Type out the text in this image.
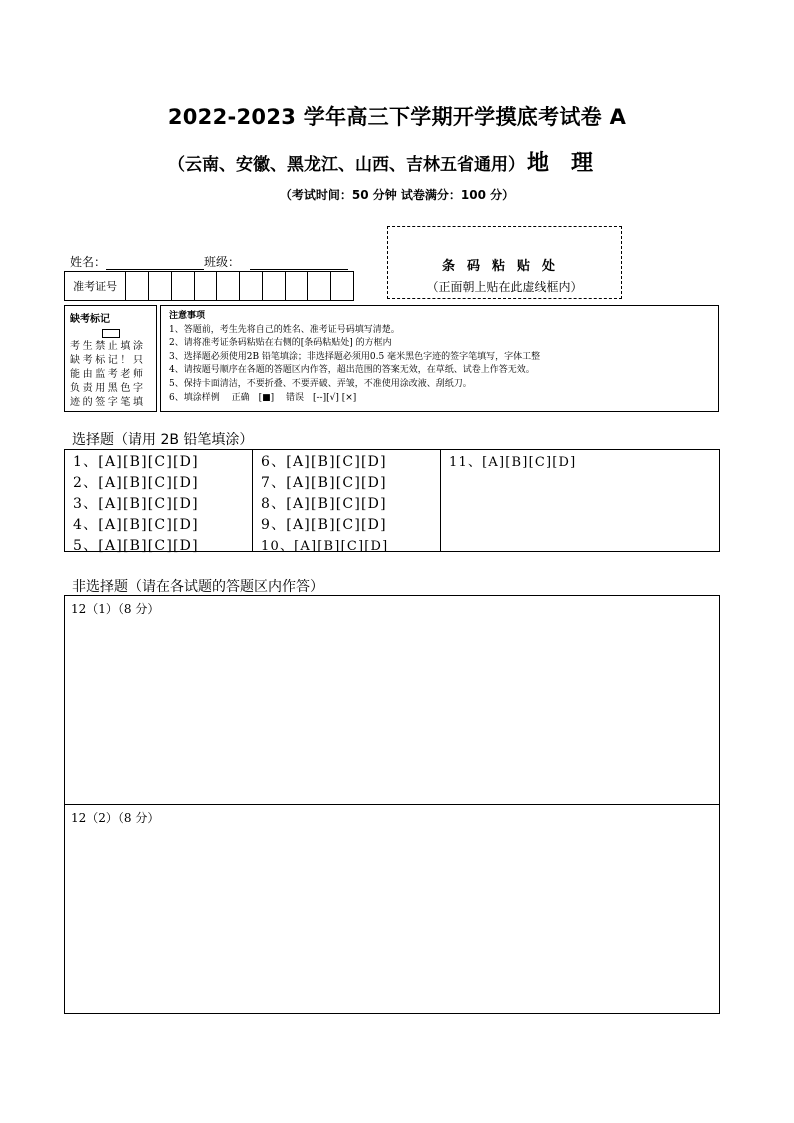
2022-2023 学年高三下学期开学摸底考试卷 A
（云南、安徽、黑龙江、山西、吉林五省通用）地　理
（考试时间：50 分钟 试卷满分：100 分）
姓名：	班级：
准考证号
条码粘贴处
（正面朝上贴在此虚线框内）
缺考标记
考生禁止填涂缺考标记！只能由监考老师负责用黑色字迹的签字笔填
注意事项
1、答题前，考生先将自己的姓名、准考证号码填写清楚。
2、请将准考证条码粘贴在右侧的[条码粘贴处] 的方框内
3、选择题必须使用2B 铅笔填涂；非选择题必须用0.5 毫米黑色字迹的签字笔填写，字体工整
4、请按题号顺序在各题的答题区内作答，超出范围的答案无效，在草纸、试卷上作答无效。
5、保持卡面清洁，不要折叠、不要弄破、弄皱，不准使用涂改液、刮纸刀。
6、填涂样例　 正确　[■]　 错误　[--][√] [×]
选择题（请用 2B 铅笔填涂）
1、[A][B][C][D]
2、[A][B][C][D]
3、[A][B][C][D]
4、[A][B][C][D]
5、[A][B][C][D]
6、[A][B][C][D]
7、[A][B][C][D]
8、[A][B][C][D]
9、[A][B][C][D]
10、[A][B][C][D]
11、[A][B][C][D]
非选择题（请在各试题的答题区内作答）
12（1）（8 分）
12（2）（8 分）
